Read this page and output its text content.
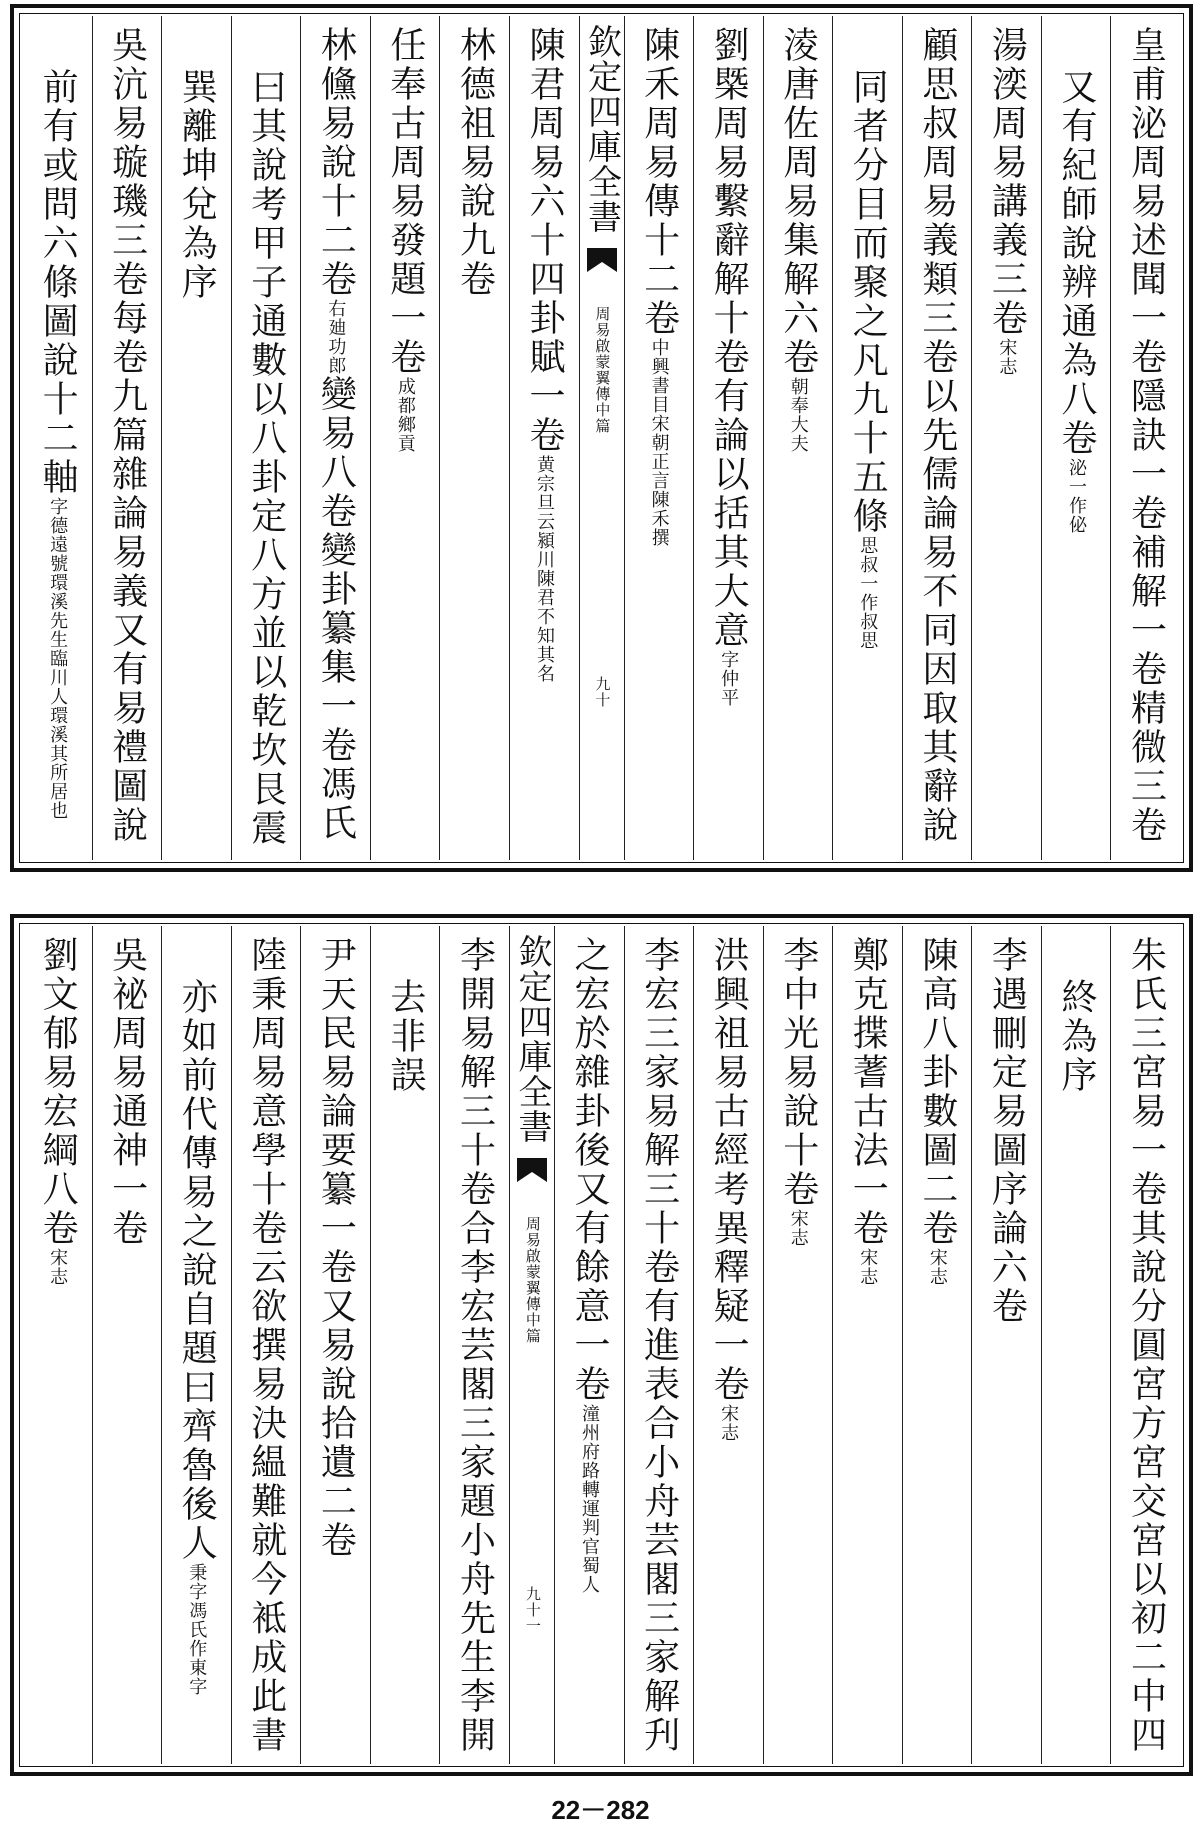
皇甫泌周易述聞一卷隱訣一卷補解一卷精微三卷
又有紀師說辨通為八卷泌一作佖
湯湙周易講義三卷宋志
顧思叔周易義類三卷以先儒論易不同因取其辭說
同者分目而聚之凡九十五條思叔一作叔思
淩唐佐周易集解六卷朝奉大夫
劉槩周易繫辭解十卷有論以括其大意字仲平
陳禾周易傳十二卷中興書目宋朝正言陳禾撰
欽定四庫全書
周易啟蒙翼傳中篇
九十
陳君周易六十四卦賦一卷黄宗旦云潁川陳君不知其名
林德祖易說九卷
任奉古周易發題一卷成都鄉貢
林儵易說十二卷右廸功郎變易八卷變卦纂集一卷馮氏
曰其說考甲子通數以八卦定八方並以乾坎艮震
巽離坤兌為序
吳沆易璇璣三卷每卷九篇雜論易義又有易禮圖說
前有或問六條圖說十二軸字德遠號環溪先生臨川人環溪其所居也
朱氏三宮易一卷其說分圓宮方宮交宮以初二中四
終為序
李遇刪定易圖序論六卷
陳高八卦數圖二卷宋志
鄭克揲蓍古法一卷宋志
李中光易說十卷宋志
洪興祖易古經考異釋疑一卷宋志
李宏三家易解三十卷有進表合小舟芸閣三家解刋
之宏於雜卦後又有餘意一卷潼州府路轉運判官蜀人
欽定四庫全書
周易啟蒙翼傳中篇
九十一
李開易解三十卷合李宏芸閣三家題小舟先生李開
去非誤
尹天民易論要纂一卷又易說拾遺二卷
陸秉周易意學十卷云欲撰易決緼難就今袛成此書
亦如前代傳易之說自題曰齊魯後人秉字馮氏作東字
吳祕周易通神一卷
劉文郁易宏綱八卷宋志
22－282
